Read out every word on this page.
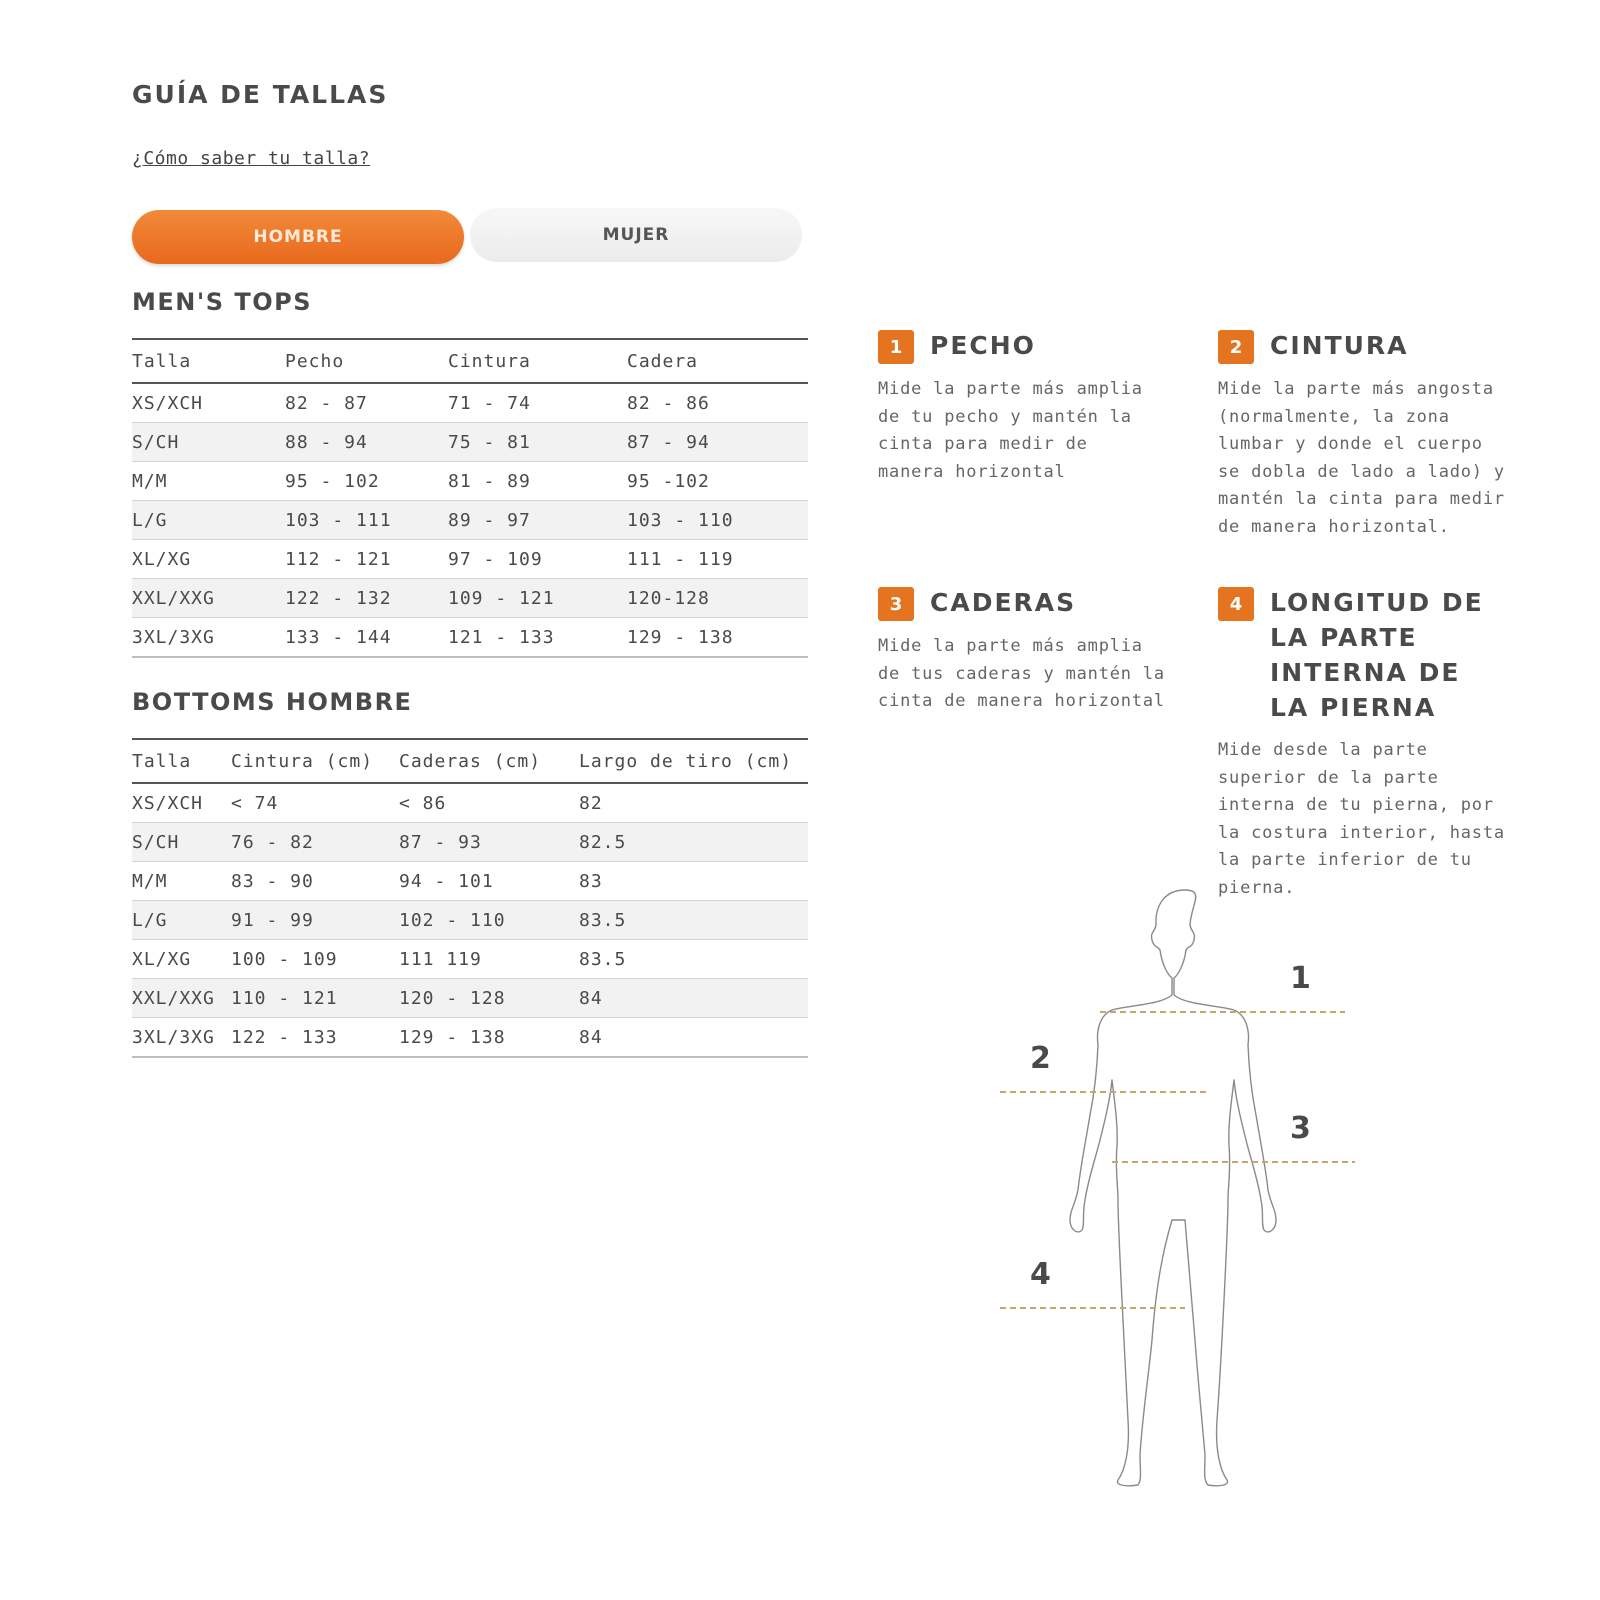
GUÍA DE TALLAS
¿Cómo saber tu talla?
HOMBRE	MUJER
MEN'S TOPS
Talla	Pecho	Cintura	Cadera
XS/XCH	82 - 87	71 - 74	82 - 86
S/CH	88 - 94	75 - 81	87 - 94
M/M	95 - 102	81 - 89	95 -102
L/G	103 - 111	89 - 97	103 - 110
XL/XG	112 - 121	97 - 109	111 - 119
XXL/XXG	122 - 132	109 - 121	120-128
3XL/3XG	133 - 144	121 - 133	129 - 138
BOTTOMS HOMBRE
Talla	Cintura (cm)	Caderas (cm)	Largo de tiro (cm)
XS/XCH	< 74	< 86	82
S/CH	76 - 82	87 - 93	82.5
M/M	83 - 90	94 - 101	83
L/G	91 - 99	102 - 110	83.5
XL/XG	100 - 109	111 119	83.5
XXL/XXG	110 - 121	120 - 128	84
3XL/3XG	122 - 133	129 - 138	84
1	PECHO
Mide la parte más amplia de tu pecho y mantén la cinta para medir de manera horizontal
2	CINTURA
Mide la parte más angosta (normalmente, la zona lumbar y donde el cuerpo se dobla de lado a lado) y mantén la cinta para medir de manera horizontal.
3	CADERAS
Mide la parte más amplia de tus caderas y mantén la cinta de manera horizontal
4	LONGITUD DE LA PARTE INTERNA DE LA PIERNA
Mide desde la parte superior de la parte interna de tu pierna, por la costura interior, hasta la parte inferior de tu pierna.
1
2
3
4
